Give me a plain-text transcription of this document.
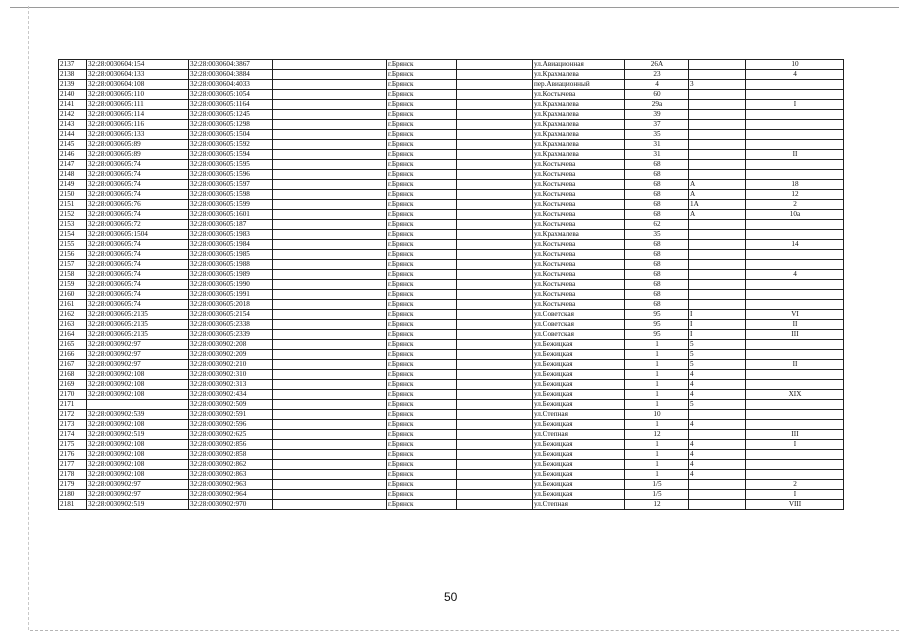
2137	32:28:0030604:154	32:28:0030604:3867		г.Брянск		ул.Авиационная	26А		10
2138	32:28:0030604:133	32:28:0030604:3884		г.Брянск		ул.Крахмалева	23		4
2139	32:28:0030604:108	32:28:0030604:4033		г.Брянск		пер.Авиационный	4	3	
2140	32:28:0030605:110	32:28:0030605:1054		г.Брянск		ул.Костычева	60		
2141	32:28:0030605:111	32:28:0030605:1164		г.Брянск		ул.Крахмалева	29а		I
2142	32:28:0030605:114	32:28:0030605:1245		г.Брянск		ул.Крахмалева	39		
2143	32:28:0030605:116	32:28:0030605:1298		г.Брянск		ул.Крахмалева	37		
2144	32:28:0030605:133	32:28:0030605:1504		г.Брянск		ул.Крахмалева	35		
2145	32:28:0030605:89	32:28:0030605:1592		г.Брянск		ул.Крахмалева	31		
2146	32:28:0030605:89	32:28:0030605:1594		г.Брянск		ул.Крахмалева	31		II
2147	32:28:0030605:74	32:28:0030605:1595		г.Брянск		ул.Костычева	68		
2148	32:28:0030605:74	32:28:0030605:1596		г.Брянск		ул.Костычева	68		
2149	32:28:0030605:74	32:28:0030605:1597		г.Брянск		ул.Костычева	68	А	18
2150	32:28:0030605:74	32:28:0030605:1598		г.Брянск		ул.Костычева	68	А	12
2151	32:28:0030605:76	32:28:0030605:1599		г.Брянск		ул.Костычева	68	1А	2
2152	32:28:0030605:74	32:28:0030605:1601		г.Брянск		ул.Костычева	68	А	10а
2153	32:28:0030605:72	32:28:0030605:187		г.Брянск		ул.Костычева	62		
2154	32:28:0030605:1504	32:28:0030605:1983		г.Брянск		ул.Крахмалева	35		
2155	32:28:0030605:74	32:28:0030605:1984		г.Брянск		ул.Костычева	68		14
2156	32:28:0030605:74	32:28:0030605:1985		г.Брянск		ул.Костычева	68		
2157	32:28:0030605:74	32:28:0030605:1988		г.Брянск		ул.Костычева	68		
2158	32:28:0030605:74	32:28:0030605:1989		г.Брянск		ул.Костычева	68		4
2159	32:28:0030605:74	32:28:0030605:1990		г.Брянск		ул.Костычева	68		
2160	32:28:0030605:74	32:28:0030605:1991		г.Брянск		ул.Костычева	68		
2161	32:28:0030605:74	32:28:0030605:2018		г.Брянск		ул.Костычева	68		
2162	32:28:0030605:2135	32:28:0030605:2154		г.Брянск		ул.Советская	95	I	VI
2163	32:28:0030605:2135	32:28:0030605:2338		г.Брянск		ул.Советская	95	I	II
2164	32:28:0030605:2135	32:28:0030605:2339		г.Брянск		ул.Советская	95	I	III
2165	32:28:0030902:97	32:28:0030902:208		г.Брянск		ул.Бежицкая	1	5	
2166	32:28:0030902:97	32:28:0030902:209		г.Брянск		ул.Бежицкая	1	5	
2167	32:28:0030902:97	32:28:0030902:210		г.Брянск		ул.Бежицкая	1	5	II
2168	32:28:0030902:108	32:28:0030902:310		г.Брянск		ул.Бежицкая	1	4	
2169	32:28:0030902:108	32:28:0030902:313		г.Брянск		ул.Бежицкая	1	4	
2170	32:28:0030902:108	32:28:0030902:434		г.Брянск		ул.Бежицкая	1	4	XIX
2171		32:28:0030902:509		г.Брянск		ул.Бежицкая	1	5	
2172	32:28:0030902:539	32:28:0030902:591		г.Брянск		ул.Степная	10		
2173	32:28:0030902:108	32:28:0030902:596		г.Брянск		ул.Бежицкая	1	4	
2174	32:28:0030902:519	32:28:0030902:625		г.Брянск		ул.Степная	12		III
2175	32:28:0030902:108	32:28:0030902:856		г.Брянск		ул.Бежицкая	1	4	I
2176	32:28:0030902:108	32:28:0030902:858		г.Брянск		ул.Бежицкая	1	4	
2177	32:28:0030902:108	32:28:0030902:862		г.Брянск		ул.Бежицкая	1	4	
2178	32:28:0030902:108	32:28:0030902:863		г.Брянск		ул.Бежицкая	1	4	
2179	32:28:0030902:97	32:28:0030902:963		г.Брянск		ул.Бежицкая	1/5		2
2180	32:28:0030902:97	32:28:0030902:964		г.Брянск		ул.Бежицкая	1/5		I
2181	32:28:0030902:519	32:28:0030902:970		г.Брянск		ул.Степная	12		VIII
50
